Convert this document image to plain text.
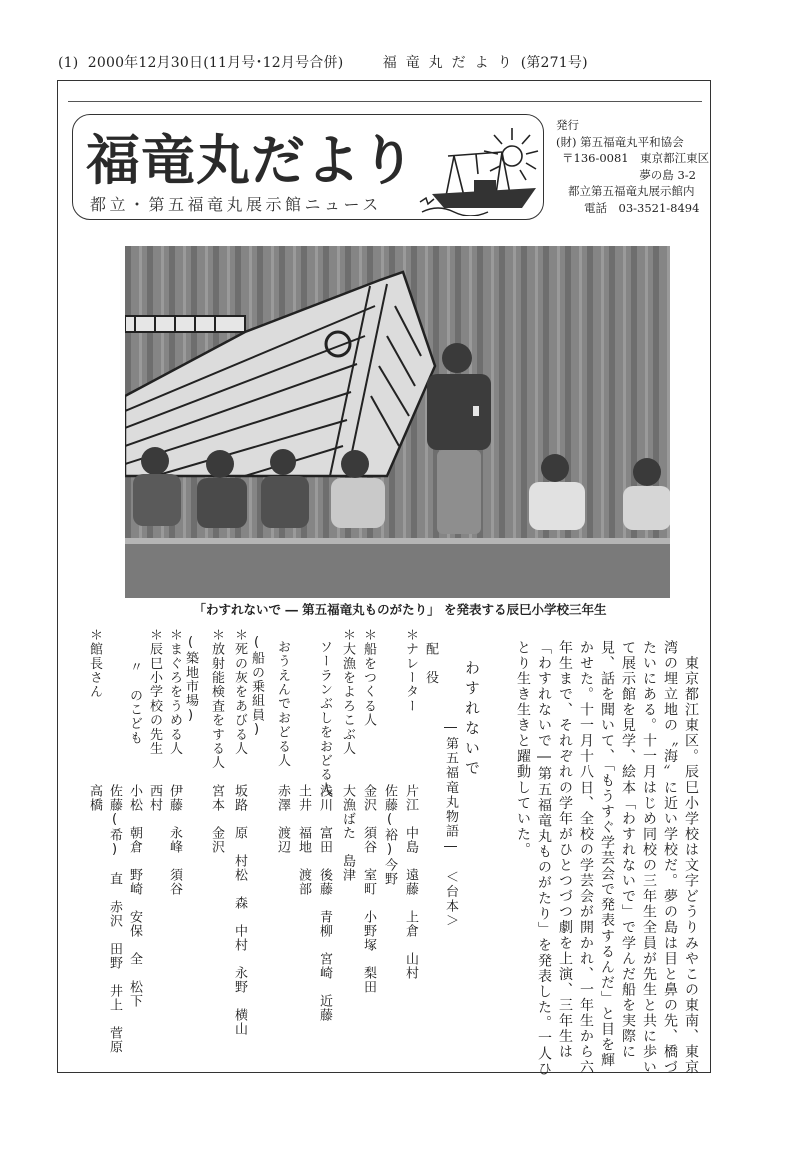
(1) 2000年12月30日(11月号･12月号合併)	福竜丸だより(第271号)
福竜丸だより
都立・第五福竜丸展示館ニュース
発行
(財) 第五福竜丸平和協会
〒136-0081　東京都江東区
夢の島 3-2
都立第五福竜丸展示館内
電話　03-3521-8494
「わすれないで ― 第五福竜丸ものがたり」 を発表する辰巳小学校三年生
　東京都江東区。辰巳小学校は文字どうりみやこの東南、東京
湾の埋立地の〝海〟に近い学校だ。夢の島は目と鼻の先、橋づ
たいにある。十一月はじめ同校の三年生全員が先生と共に歩い
て展示館を見学、絵本「わすれないで」で学んだ船を実際に
見、話を聞いて、「もうすぐ学芸会で発表するんだ」と目を輝
かせた。十一月十八日、全校の学芸会が開かれ、一年生から六
年生まで、それぞれの学年がひとつづつ劇を上演、三年生は
「わすれないで―第五福竜丸ものがたり」を発表した。一人ひ
とり生き生きと躍動していた。
わすれないで
―第五福竜丸物語―　＜台本＞
配　役
＊ナレーター
片江　中島　遠藤　上倉　山村
佐藤(裕)今野
＊船をつくる人
金沢　須谷　室町　小野塚　梨田
＊大漁をよろこぶ人
大漁ばた　島津
ソーランぶしをおどる人
浅川　富田　後藤　青柳　宮崎　近藤
土井　福地　渡部
おうえんでおどる人
赤澤　渡辺
(船の乗組員)
＊死の灰をあびる人
坂路　原　村松　森　中村　永野　横山
＊放射能検査をする人
宮本　金沢
(築地市場)
＊まぐろをうめる人
伊藤　永峰　須谷
＊辰巳小学校の先生
西村
〃　のこども
小松　朝倉　野崎　安保　全　松下
佐藤(希)　直　赤沢　田野　井上　菅原
＊館長さん
高橋
